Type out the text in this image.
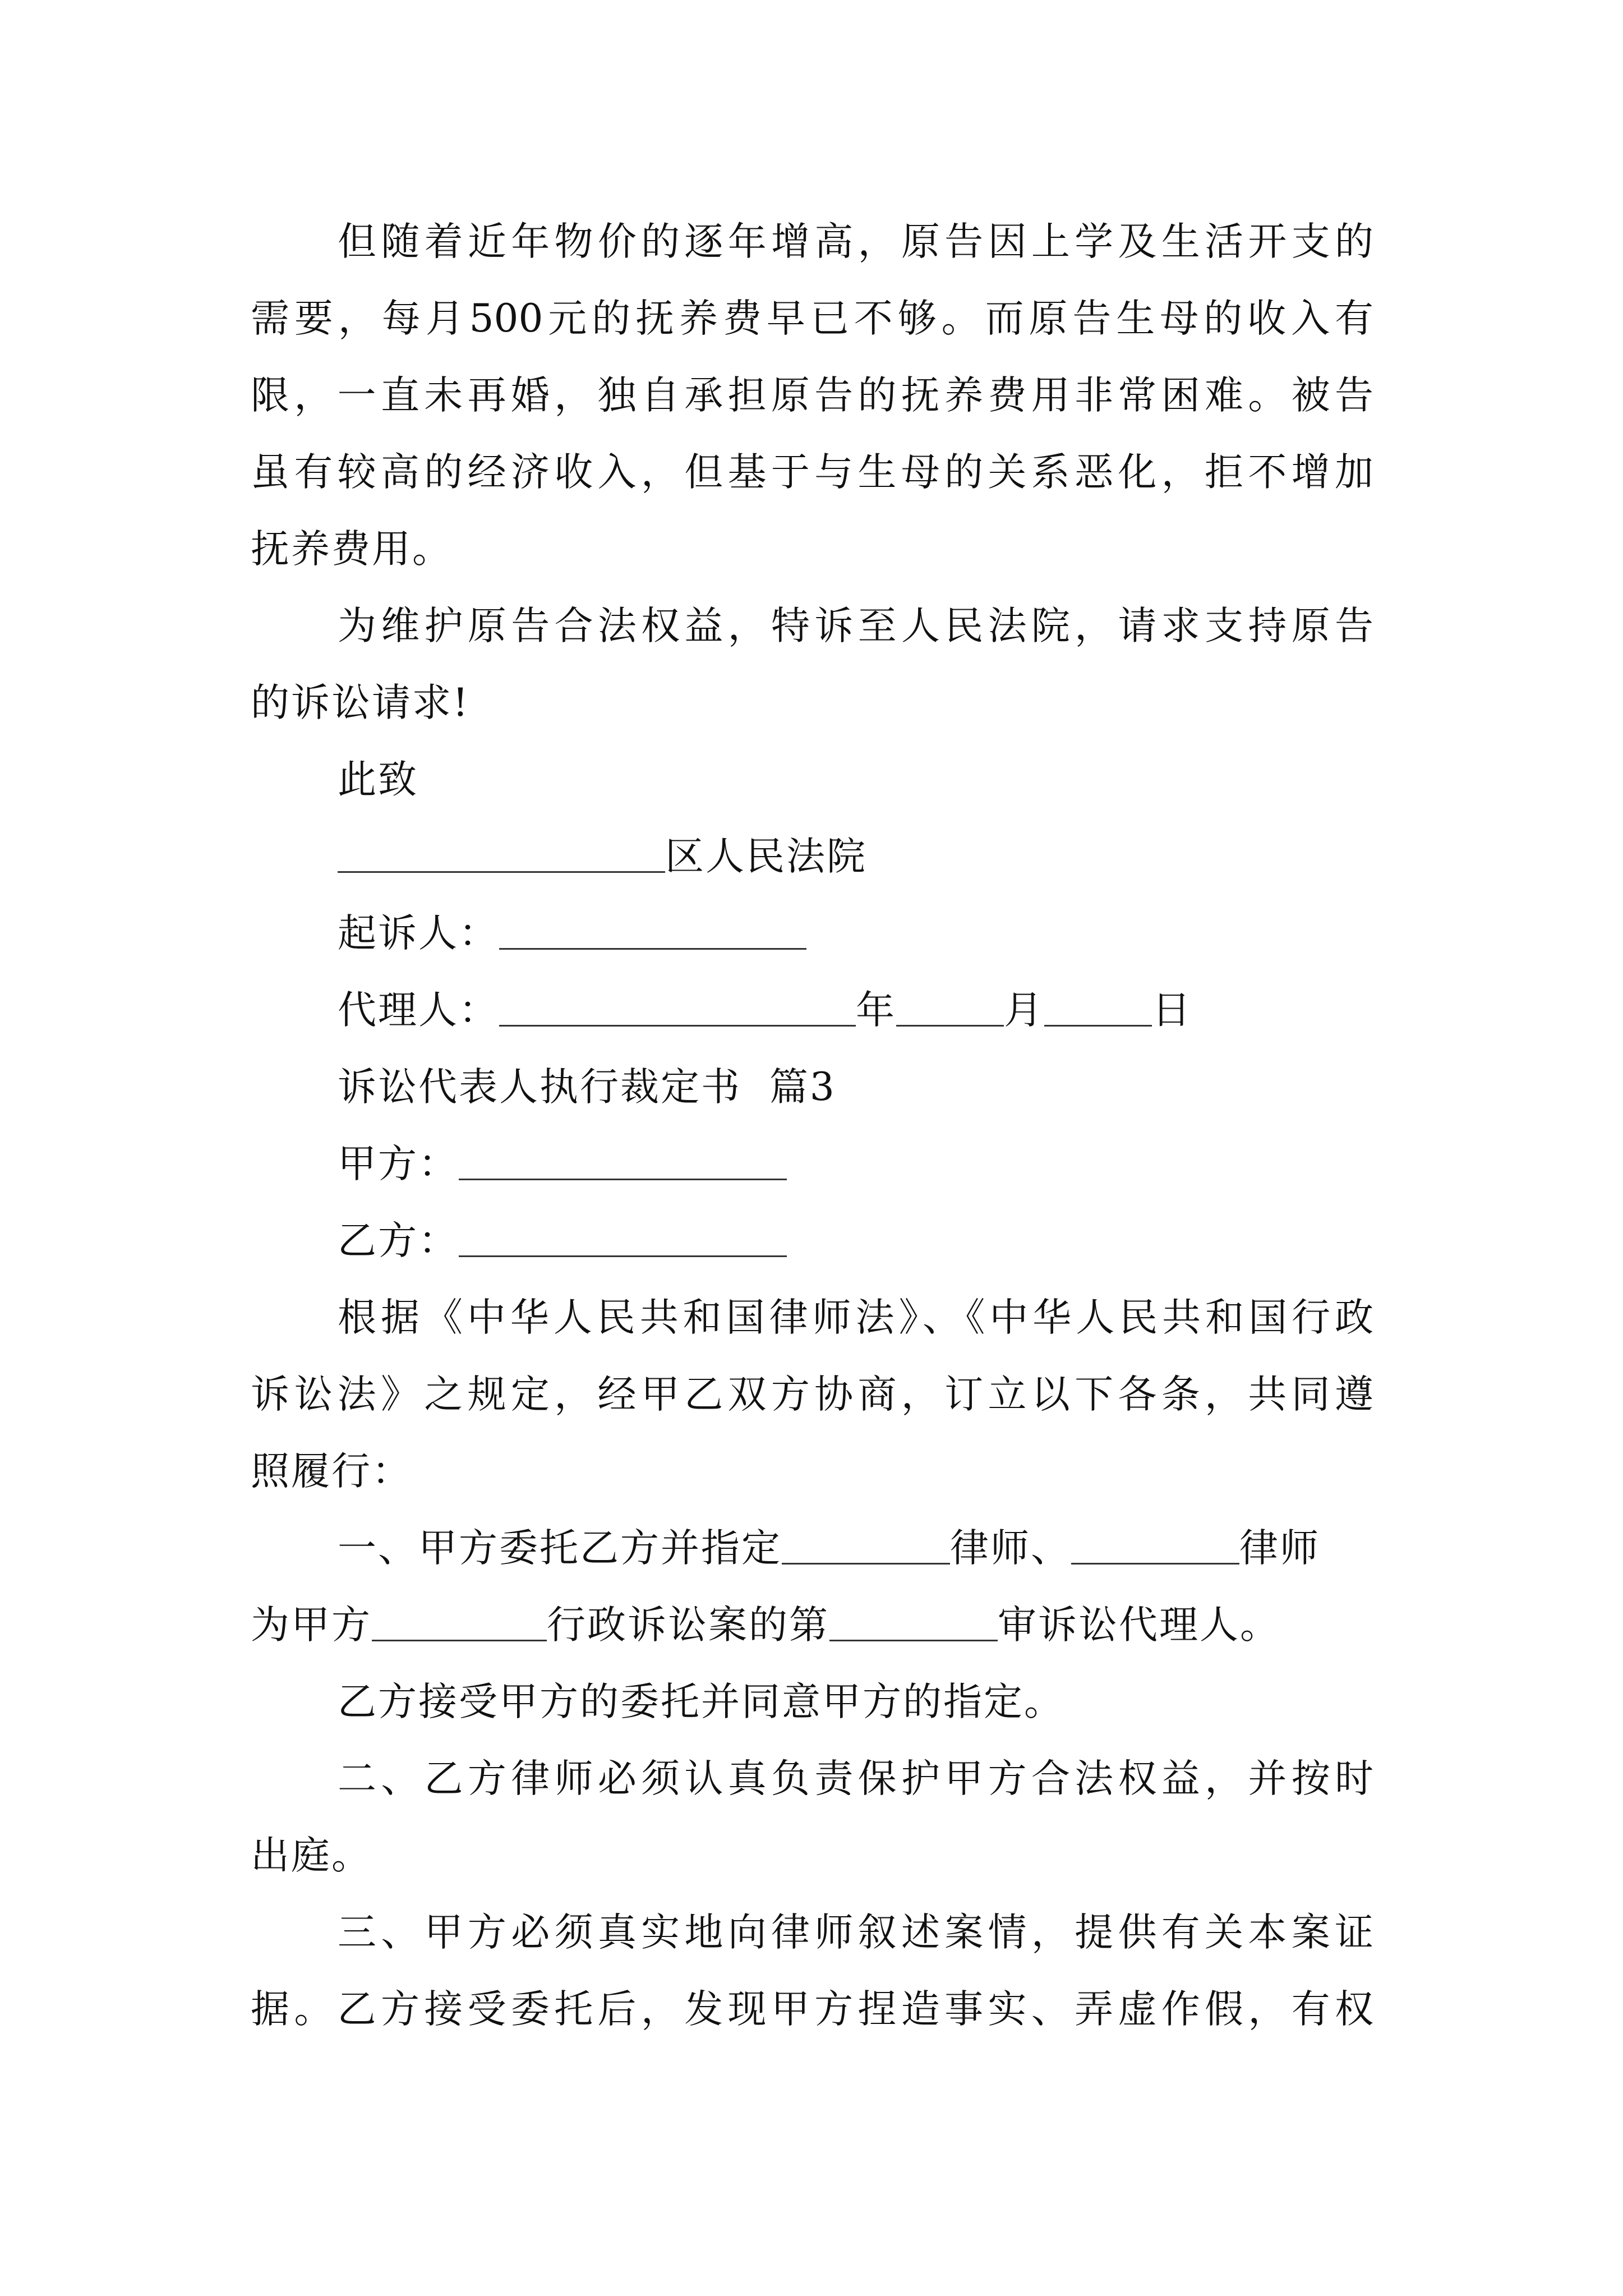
但随着近年物价的逐年增高，原告因上学及生活开支的
需要，每月500元的抚养费早已不够。而原告生母的收入有
限，一直未再婚，独自承担原告的抚养费用非常困难。被告
虽有较高的经济收入，但基于与生母的关系恶化，拒不增加
抚养费用。
为维护原告合法权益，特诉至人民法院，请求支持原告
的诉讼请求!
此致
区人民法院
起诉人：
代理人：	年	月	日
诉讼代表人执行裁定书  篇3
甲方：
乙方：
根据《中华人民共和国律师法》、《中华人民共和国行政
诉讼法》之规定，经甲乙双方协商，订立以下各条，共同遵
照履行：
一、甲方委托乙方并指定	律师、	律师
为甲方	行政诉讼案的第	审诉讼代理人。
乙方接受甲方的委托并同意甲方的指定。
二、乙方律师必须认真负责保护甲方合法权益，并按时
出庭。
三、甲方必须真实地向律师叙述案情，提供有关本案证
据。乙方接受委托后，发现甲方捏造事实、弄虚作假，有权
